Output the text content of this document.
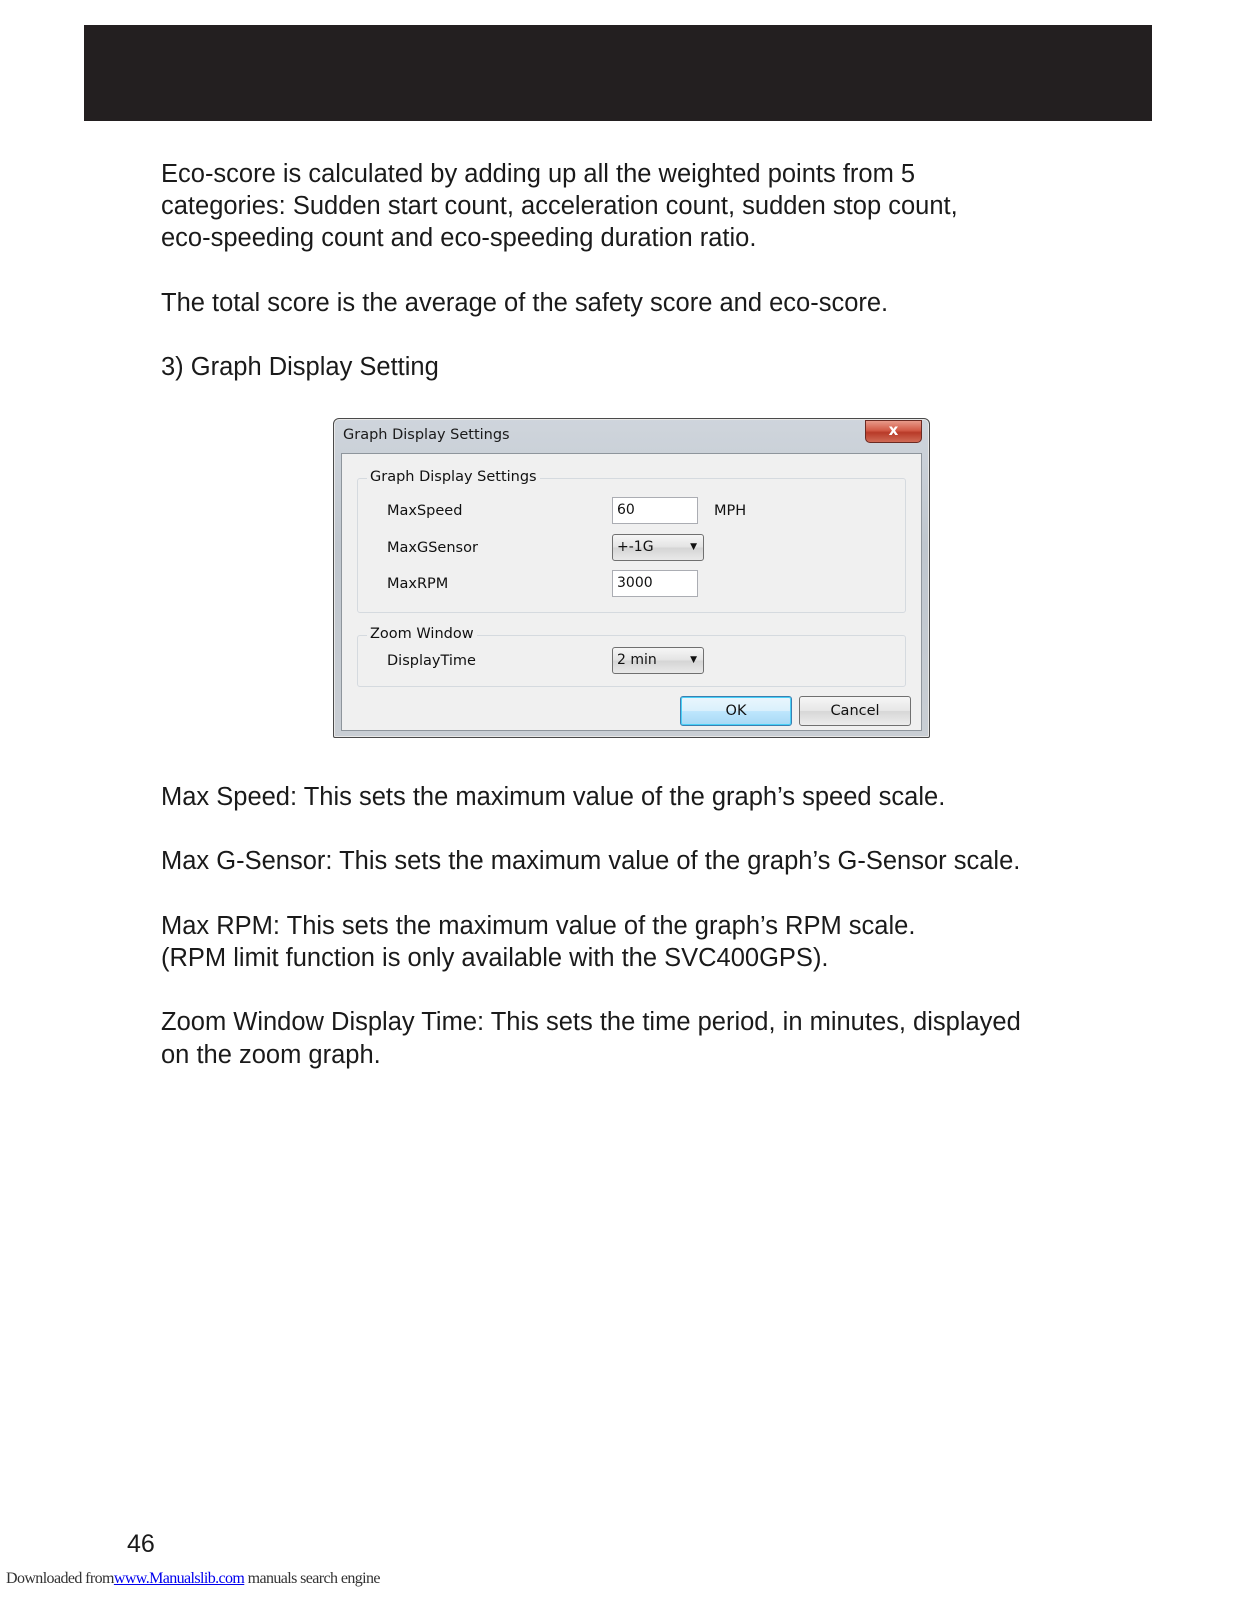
Eco-score is calculated by adding up all the weighted points from 5

categories: Sudden start count, acceleration count, sudden stop count,

eco-speeding count and eco-speeding duration ratio.

The total score is the average of the safety score and eco-score.

3) Graph Display Setting

Graph Display Settings	x
Graph Display Settings
MaxSpeed	60	MPH
MaxGSensor	+-1G	▼
MaxRPM	3000
Zoom Window
DisplayTime	2 min	▼
OK	Cancel

Max Speed: This sets the maximum value of the graph’s speed scale.

Max G-Sensor: This sets the maximum value of the graph’s G-Sensor scale.

Max RPM: This sets the maximum value of the graph’s RPM scale.

(RPM limit function is only available with the SVC400GPS).

Zoom Window Display Time: This sets the time period, in minutes, displayed

on the zoom graph.

46
Downloaded fromwww.Manualslib.com manuals search engine
